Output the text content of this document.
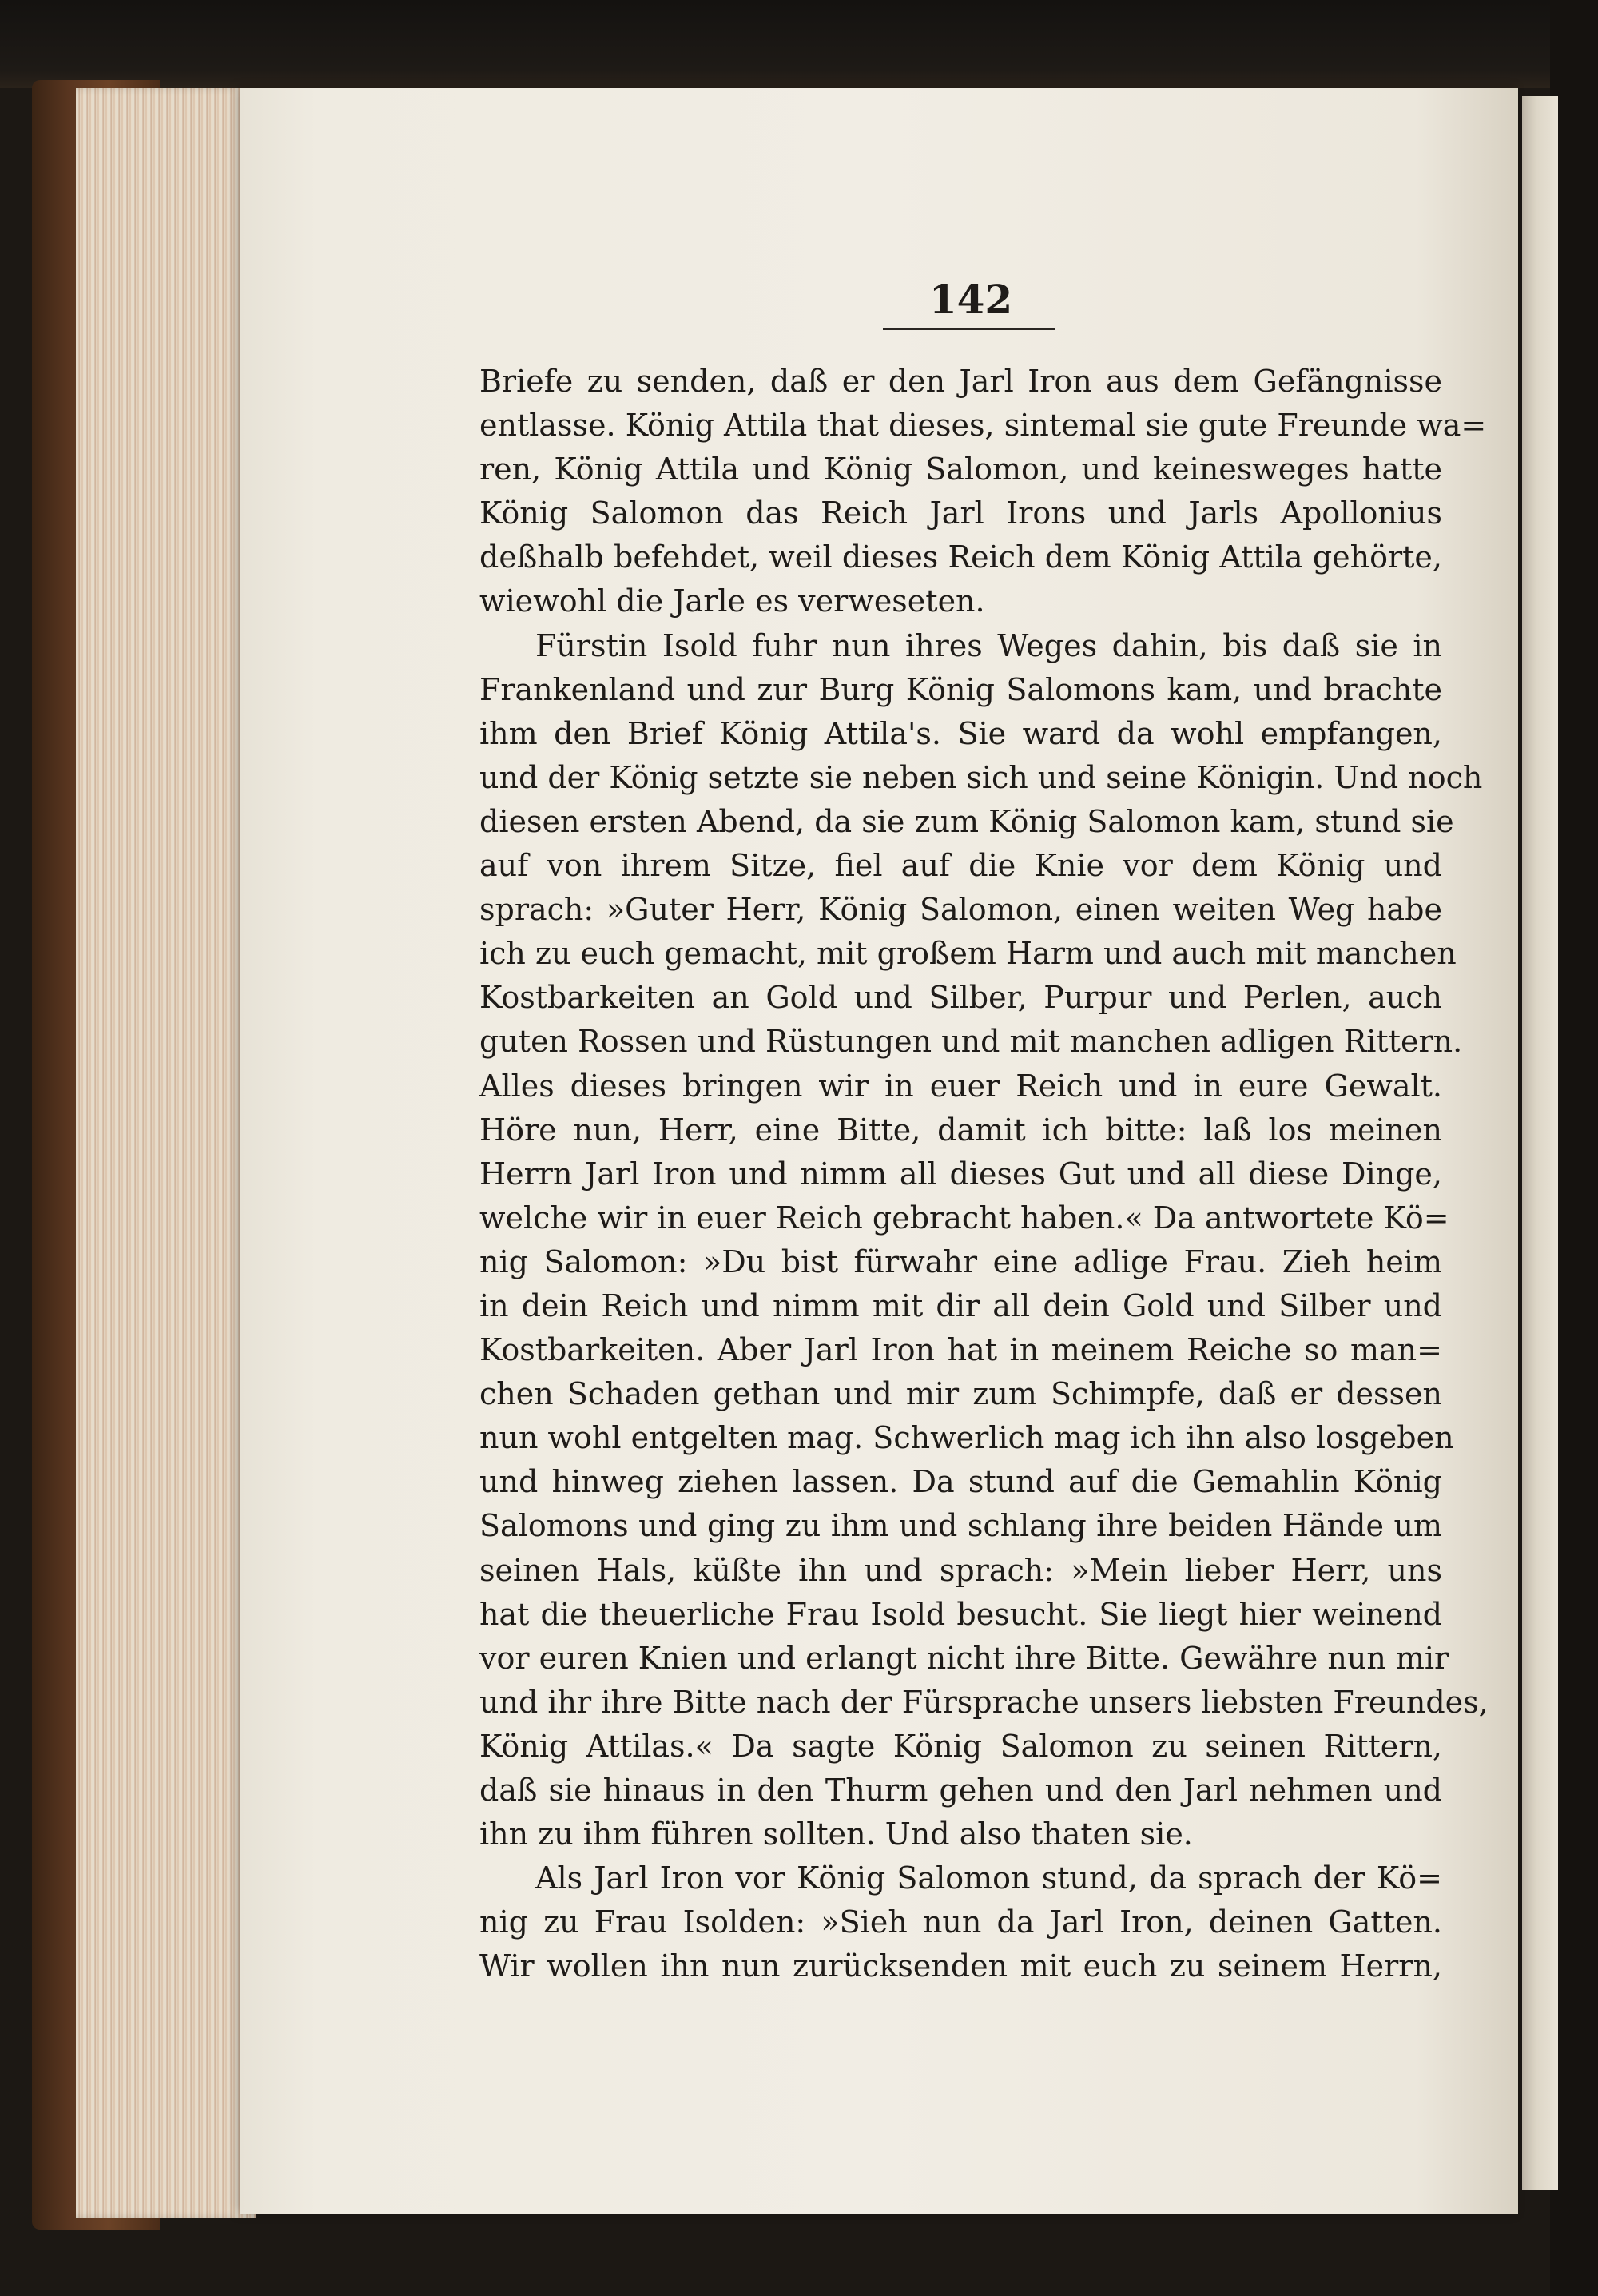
142
Briefe zu senden, daß er den Jarl Iron aus dem Gefängnisse
entlasse. König Attila that dieses, sintemal sie gute Freunde wa=
ren, König Attila und König Salomon, und keinesweges hatte
König Salomon das Reich Jarl Irons und Jarls Apollonius
deßhalb befehdet, weil dieses Reich dem König Attila gehörte,
wiewohl die Jarle es verweseten.
Fürstin Isold fuhr nun ihres Weges dahin, bis daß sie in
Frankenland und zur Burg König Salomons kam, und brachte
ihm den Brief König Attila's. Sie ward da wohl empfangen,
und der König setzte sie neben sich und seine Königin. Und noch
diesen ersten Abend, da sie zum König Salomon kam, stund sie
auf von ihrem Sitze, fiel auf die Knie vor dem König und
sprach: »Guter Herr, König Salomon, einen weiten Weg habe
ich zu euch gemacht, mit großem Harm und auch mit manchen
Kostbarkeiten an Gold und Silber, Purpur und Perlen, auch
guten Rossen und Rüstungen und mit manchen adligen Rittern.
Alles dieses bringen wir in euer Reich und in eure Gewalt.
Höre nun, Herr, eine Bitte, damit ich bitte: laß los meinen
Herrn Jarl Iron und nimm all dieses Gut und all diese Dinge,
welche wir in euer Reich gebracht haben.« Da antwortete Kö=
nig Salomon: »Du bist fürwahr eine adlige Frau. Zieh heim
in dein Reich und nimm mit dir all dein Gold und Silber und
Kostbarkeiten. Aber Jarl Iron hat in meinem Reiche so man=
chen Schaden gethan und mir zum Schimpfe, daß er dessen
nun wohl entgelten mag. Schwerlich mag ich ihn also losgeben
und hinweg ziehen lassen. Da stund auf die Gemahlin König
Salomons und ging zu ihm und schlang ihre beiden Hände um
seinen Hals, küßte ihn und sprach: »Mein lieber Herr, uns
hat die theuerliche Frau Isold besucht. Sie liegt hier weinend
vor euren Knien und erlangt nicht ihre Bitte. Gewähre nun mir
und ihr ihre Bitte nach der Fürsprache unsers liebsten Freundes,
König Attilas.« Da sagte König Salomon zu seinen Rittern,
daß sie hinaus in den Thurm gehen und den Jarl nehmen und
ihn zu ihm führen sollten. Und also thaten sie.
Als Jarl Iron vor König Salomon stund, da sprach der Kö=
nig zu Frau Isolden: »Sieh nun da Jarl Iron, deinen Gatten.
Wir wollen ihn nun zurücksenden mit euch zu seinem Herrn,
